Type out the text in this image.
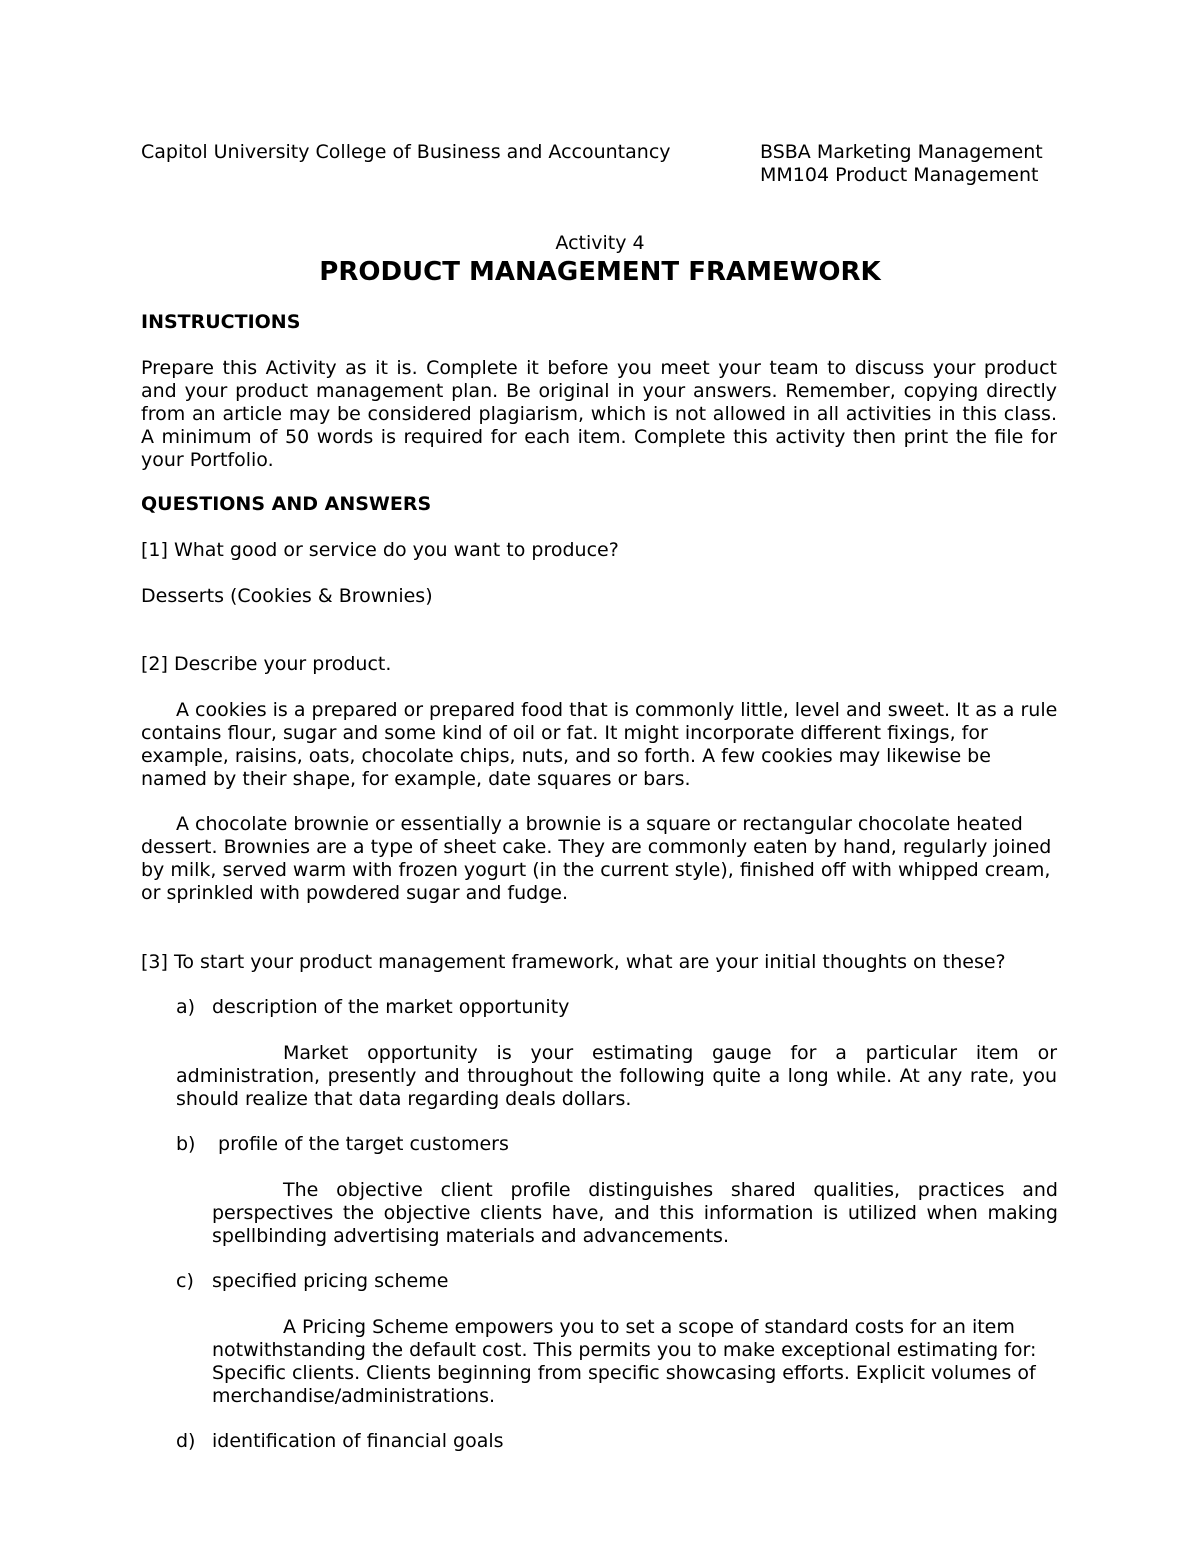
Capitol University College of Business and Accountancy	BSBA Marketing Management
MM104 Product Management
Activity 4
PRODUCT MANAGEMENT FRAMEWORK
INSTRUCTIONS

Prepare this Activity as it is. Complete it before you meet your team to discuss your product and your product management plan. Be original in your answers. Remember, copying directly from an article may be considered plagiarism, which is not allowed in all activities in this class. A minimum of 50 words is required for each item. Complete this activity then print the file for your Portfolio.

QUESTIONS AND ANSWERS
[1] What good or service do you want to produce?
Desserts (Cookies & Brownies)
[2] Describe your product.

A cookies is a prepared or prepared food that is commonly little, level and sweet. It as a rule contains flour, sugar and some kind of oil or fat. It might incorporate different fixings, for example, raisins, oats, chocolate chips, nuts, and so forth. A few cookies may likewise be named by their shape, for example, date squares or bars.

A chocolate brownie or essentially a brownie is a square or rectangular chocolate heated dessert. Brownies are a type of sheet cake. They are commonly eaten by hand, regularly joined by milk, served warm with frozen yogurt (in the current style), finished off with whipped cream, or sprinkled with powdered sugar and fudge.

[3] To start your product management framework, what are your initial thoughts on these?
a) description of the market opportunity

Market opportunity is your estimating gauge for a particular item or administration, presently and throughout the following quite a long while. At any rate, you should realize that data regarding deals dollars.

b) profile of the target customers

The objective client profile distinguishes shared qualities, practices and perspectives the objective clients have, and this information is utilized when making spellbinding advertising materials and advancements.

c) specified pricing scheme

A Pricing Scheme empowers you to set a scope of standard costs for an item notwithstanding the default cost. This permits you to make exceptional estimating for: Specific clients. Clients beginning from specific showcasing efforts. Explicit volumes of merchandise/administrations.

d) identification of financial goals
